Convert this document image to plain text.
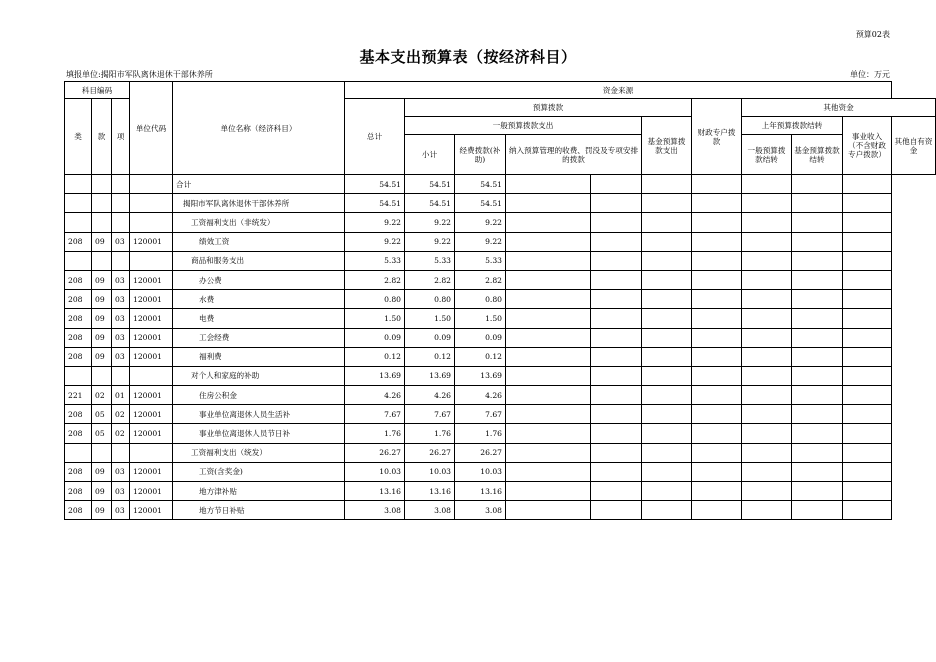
预算02表
基本支出预算表（按经济科目）
填报单位:揭阳市军队离休退休干部休养所	单位：万元
科目编码			单位代码	单位名称（经济科目）	资金来源										
类	款	项			总计	预算拨款					财政专户拨款	其他资金			
						一般预算拨款支出				基金预算拨款支出		上年预算拨款结转		事业收入（不含财政专户拨款）	其他自有资金
						小计	经费拨款(补助)	纳入预算管理的收费、罚没及专项安排的拨款				一般预算拨款结转	基金预算拨款结转		

				合计	54.51	54.51	54.51								
				揭阳市军队离休退休干部休养所	54.51	54.51	54.51								
				工资福利支出（非统发）	9.22	9.22	9.22								
208	09	03	120001	绩效工资	9.22	9.22	9.22								
				商品和服务支出	5.33	5.33	5.33								
208	09	03	120001	办公费	2.82	2.82	2.82								
208	09	03	120001	水费	0.80	0.80	0.80								
208	09	03	120001	电费	1.50	1.50	1.50								
208	09	03	120001	工会经费	0.09	0.09	0.09								
208	09	03	120001	福利费	0.12	0.12	0.12								
				对个人和家庭的补助	13.69	13.69	13.69								
221	02	01	120001	住房公积金	4.26	4.26	4.26								
208	05	02	120001	事业单位离退休人员生活补	7.67	7.67	7.67								
208	05	02	120001	事业单位离退休人员节日补	1.76	1.76	1.76								
				工资福利支出（统发）	26.27	26.27	26.27								
208	09	03	120001	工资(含奖金)	10.03	10.03	10.03								
208	09	03	120001	地方津补贴	13.16	13.16	13.16								
208	09	03	120001	地方节日补贴	3.08	3.08	3.08								
